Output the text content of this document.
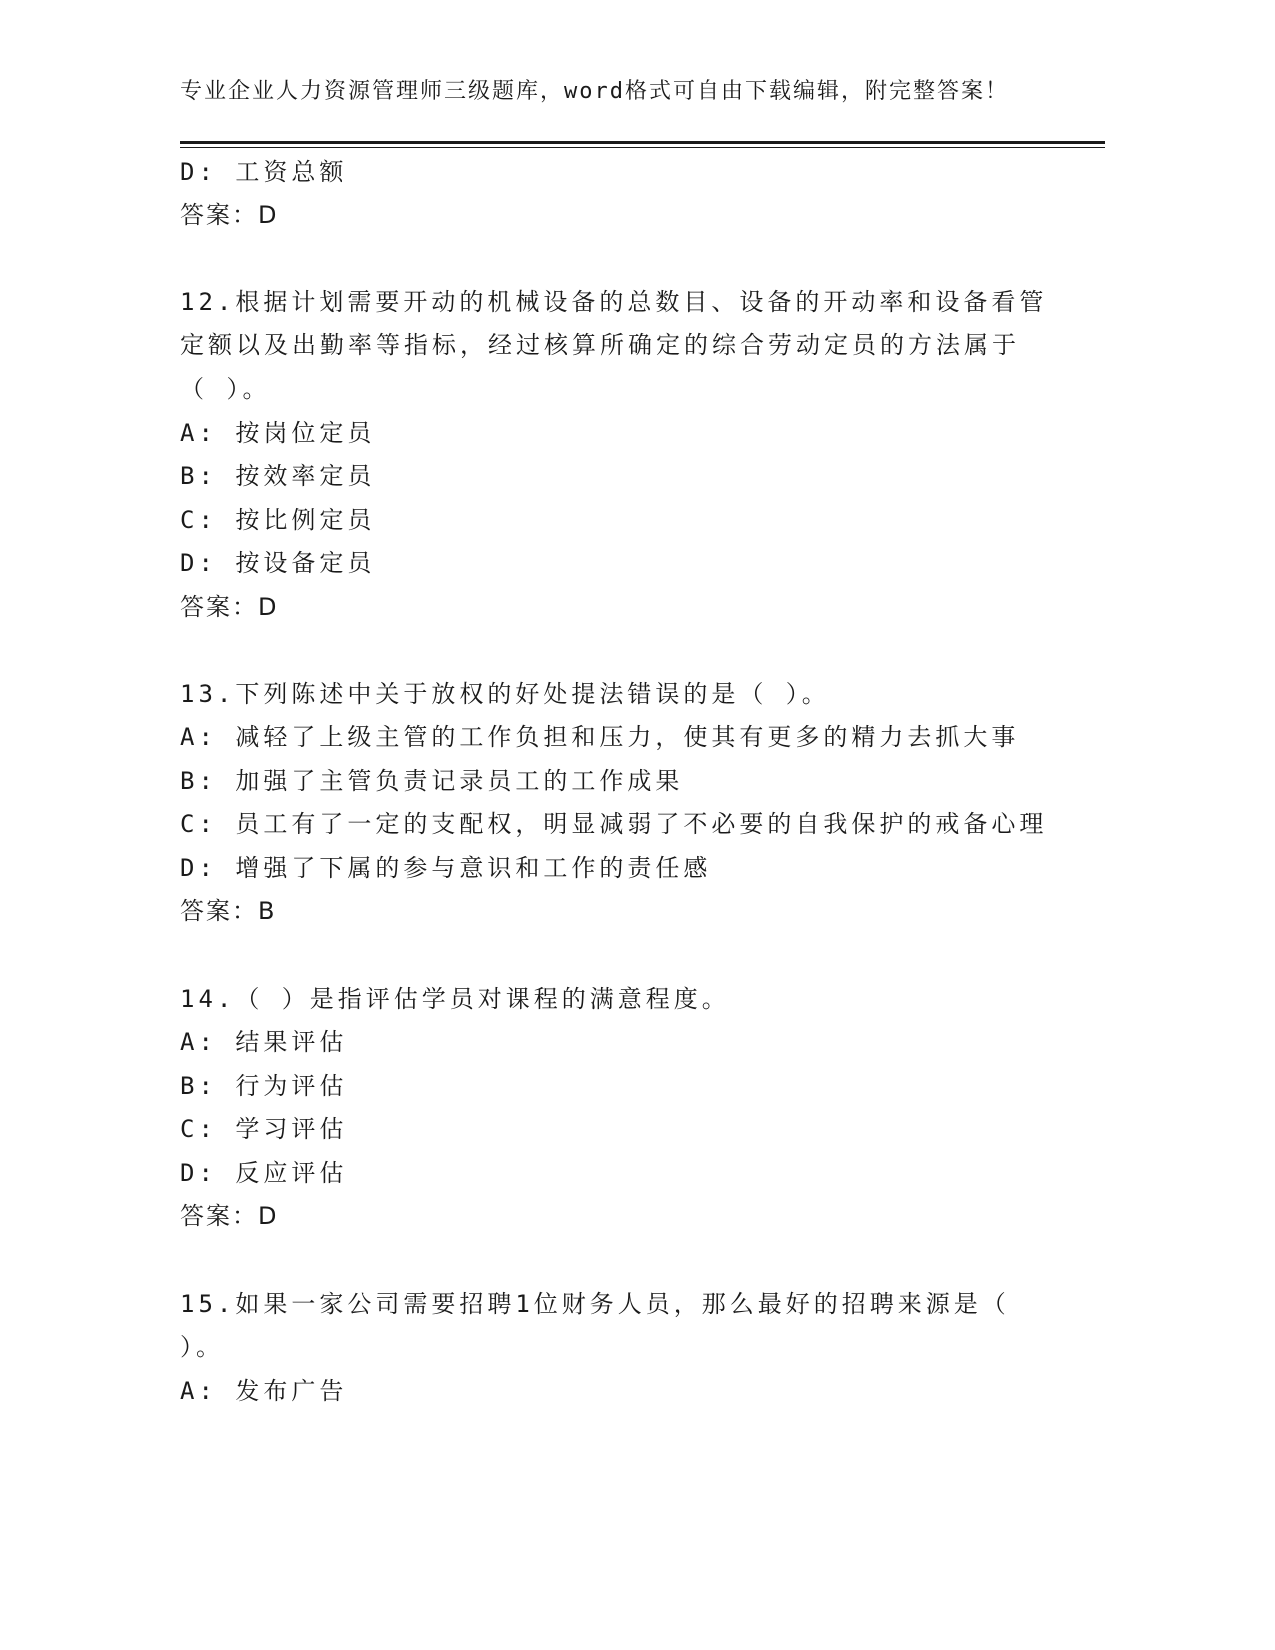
专业企业人力资源管理师三级题库，word格式可自由下载编辑，附完整答案！
D: 工资总额
答案：D
12.根据计划需要开动的机械设备的总数目、设备的开动率和设备看管
定额以及出勤率等指标，经过核算所确定的综合劳动定员的方法属于
（ ）。
A: 按岗位定员
B: 按效率定员
C: 按比例定员
D: 按设备定员
答案：D
13.下列陈述中关于放权的好处提法错误的是（ ）。
A: 减轻了上级主管的工作负担和压力，使其有更多的精力去抓大事
B: 加强了主管负责记录员工的工作成果
C: 员工有了一定的支配权，明显减弱了不必要的自我保护的戒备心理
D: 增强了下属的参与意识和工作的责任感
答案：B
14.（ ）是指评估学员对课程的满意程度。
A: 结果评估
B: 行为评估
C: 学习评估
D: 反应评估
答案：D
15.如果一家公司需要招聘1位财务人员，那么最好的招聘来源是（
）。
A: 发布广告
